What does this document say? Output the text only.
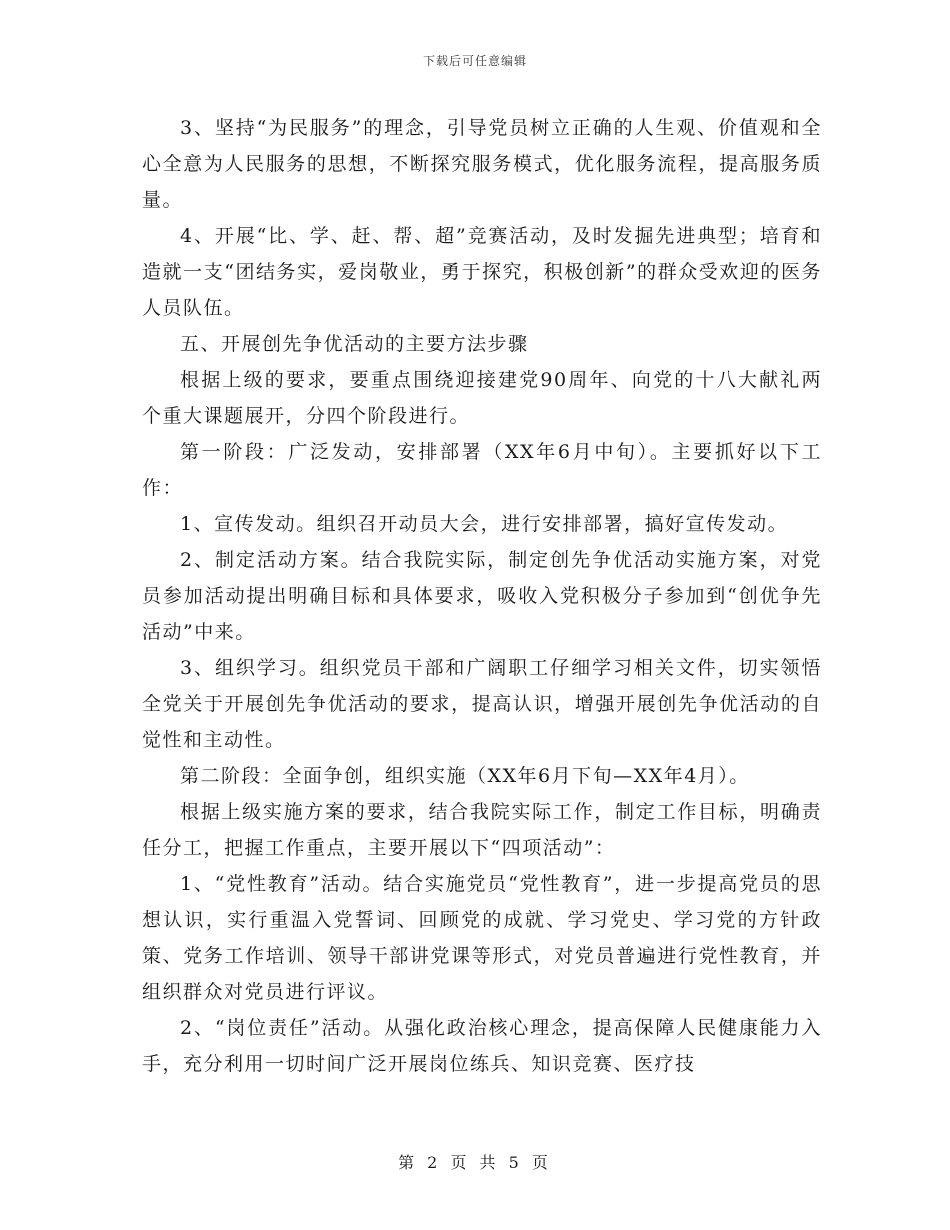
下载后可任意编辑

3、坚持“为民服务”的理念，引导党员树立正确的人生观、价值观和全心全意为人民服务的思想，不断探究服务模式，优化服务流程，提高服务质量。

4、开展“比、学、赶、帮、超”竞赛活动，及时发掘先进典型；培育和造就一支“团结务实，爱岗敬业，勇于探究，积极创新”的群众受欢迎的医务人员队伍。

五、开展创先争优活动的主要方法步骤

根据上级的要求，要重点围绕迎接建党90周年、向党的十八大献礼两个重大课题展开，分四个阶段进行。

第一阶段：广泛发动，安排部署（XX年6月中旬）。主要抓好以下工作：

1、宣传发动。组织召开动员大会，进行安排部署，搞好宣传发动。

2、制定活动方案。结合我院实际，制定创先争优活动实施方案，对党员参加活动提出明确目标和具体要求，吸收入党积极分子参加到“创优争先活动”中来。

3、组织学习。组织党员干部和广阔职工仔细学习相关文件，切实领悟全党关于开展创先争优活动的要求，提高认识，增强开展创先争优活动的自觉性和主动性。

第二阶段：全面争创，组织实施（XX年6月下旬—XX年4月）。

根据上级实施方案的要求，结合我院实际工作，制定工作目标，明确责任分工，把握工作重点，主要开展以下“四项活动”：

1、“党性教育”活动。结合实施党员“党性教育”，进一步提高党员的思想认识，实行重温入党誓词、回顾党的成就、学习党史、学习党的方针政策、党务工作培训、领导干部讲党课等形式，对党员普遍进行党性教育，并组织群众对党员进行评议。

2、“岗位责任”活动。从强化政治核心理念，提高保障人民健康能力入手，充分利用一切时间广泛开展岗位练兵、知识竞赛、医疗技

第 2 页 共 5 页
